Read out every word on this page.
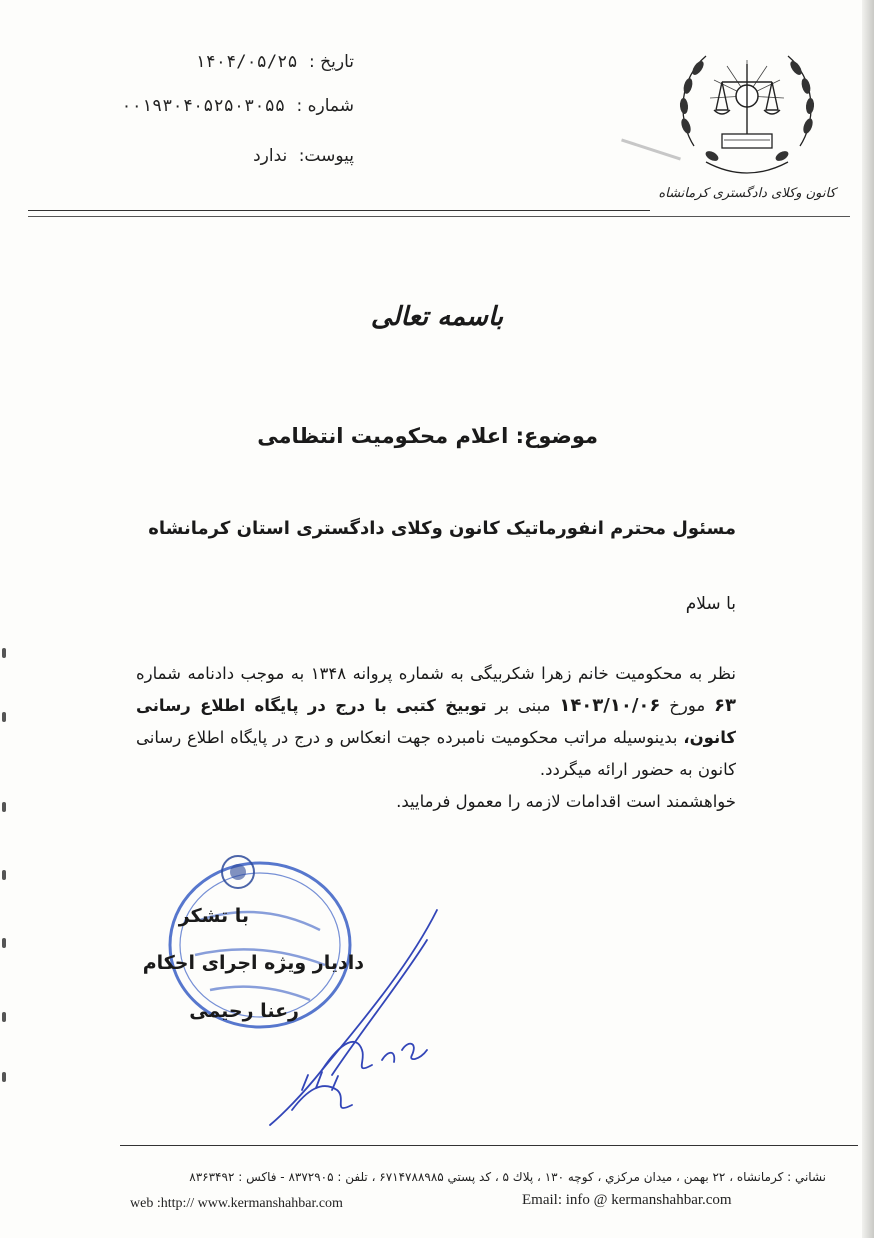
کانون وکلای دادگستری کرمانشاه
تاریخ : ۱۴۰۴/۰۵/۲۵
شماره : ۰۰۱۹۳۰۴۰۵۲۵۰۳۰۵۵
پیوست: ندارد
باسمه تعالی
موضوع: اعلام محکومیت انتظامی
مسئول محترم انفورماتیک کانون وکلای دادگستری استان کرمانشاه
با سلام

نظر به محکومیت خانم زهرا شکربیگی به شماره پروانه ۱۳۴۸ به موجب دادنامه شماره ۶۳ مورخ ۱۴۰۳/۱۰/۰۶ مبنی بر توبیخ کتبی با درج در پایگاه اطلاع رسانی کانون، بدینوسیله مراتب محکومیت نامبرده جهت انعکاس و درج در پایگاه اطلاع رسانی کانون به حضور ارائه میگردد.

خواهشمند است اقدامات لازمه را معمول فرمایید.

با تشکر
دادیار ویژه اجرای احکام
رعنا رحیمی
نشاني : كرمانشاه ، ۲۲ بهمن ، ميدان مركزي ، كوچه ۱۳۰ ، پلاك ۵ ، كد پستي ۶۷۱۴۷۸۸۹۸۵ ، تلفن : ۸۳۷۲۹۰۵ - فاكس : ۸۳۶۳۴۹۲
Email: info @ kermanshahbar.com
web :http:// www.kermanshahbar.com
